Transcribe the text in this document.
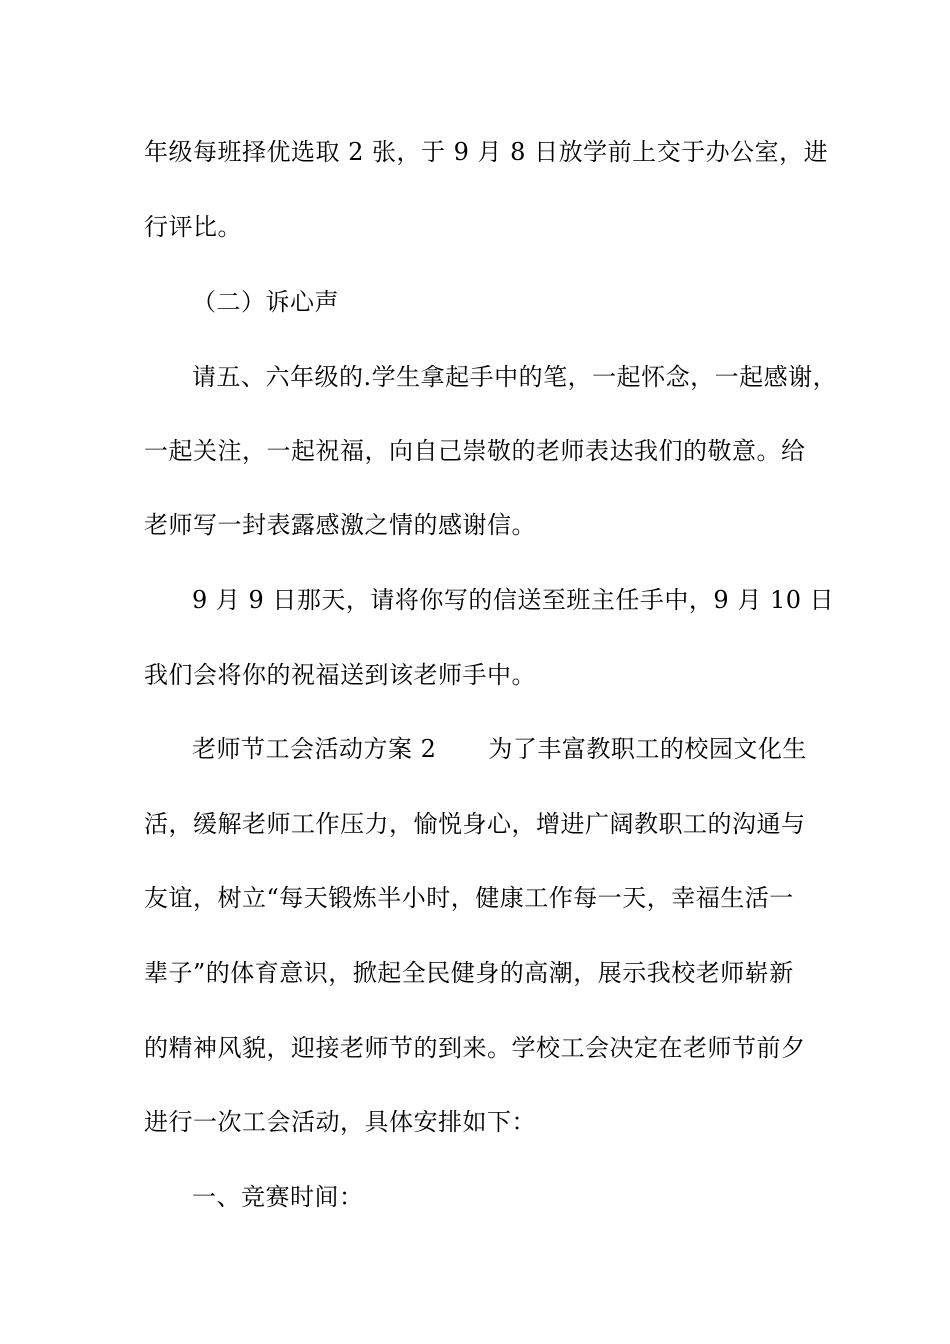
年级每班择优选取 2 张，于 9 月 8 日放学前上交于办公室，进
行评比。
（二）诉心声
请五、六年级的.学生拿起手中的笔，一起怀念，一起感谢，
一起关注，一起祝福，向自己崇敬的老师表达我们的敬意。给
老师写一封表露感激之情的感谢信。
9 月 9 日那天，请将你写的信送至班主任手中，9 月 10 日
我们会将你的祝福送到该老师手中。
老师节工会活动方案 2 为了丰富教职工的校园文化生
活，缓解老师工作压力，愉悦身心，增进广阔教职工的沟通与
友谊，树立“每天锻炼半小时，健康工作每一天，幸福生活一
辈子”的体育意识，掀起全民健身的高潮，展示我校老师崭新
的精神风貌，迎接老师节的到来。学校工会决定在老师节前夕
进行一次工会活动，具体安排如下：
一、竞赛时间：
